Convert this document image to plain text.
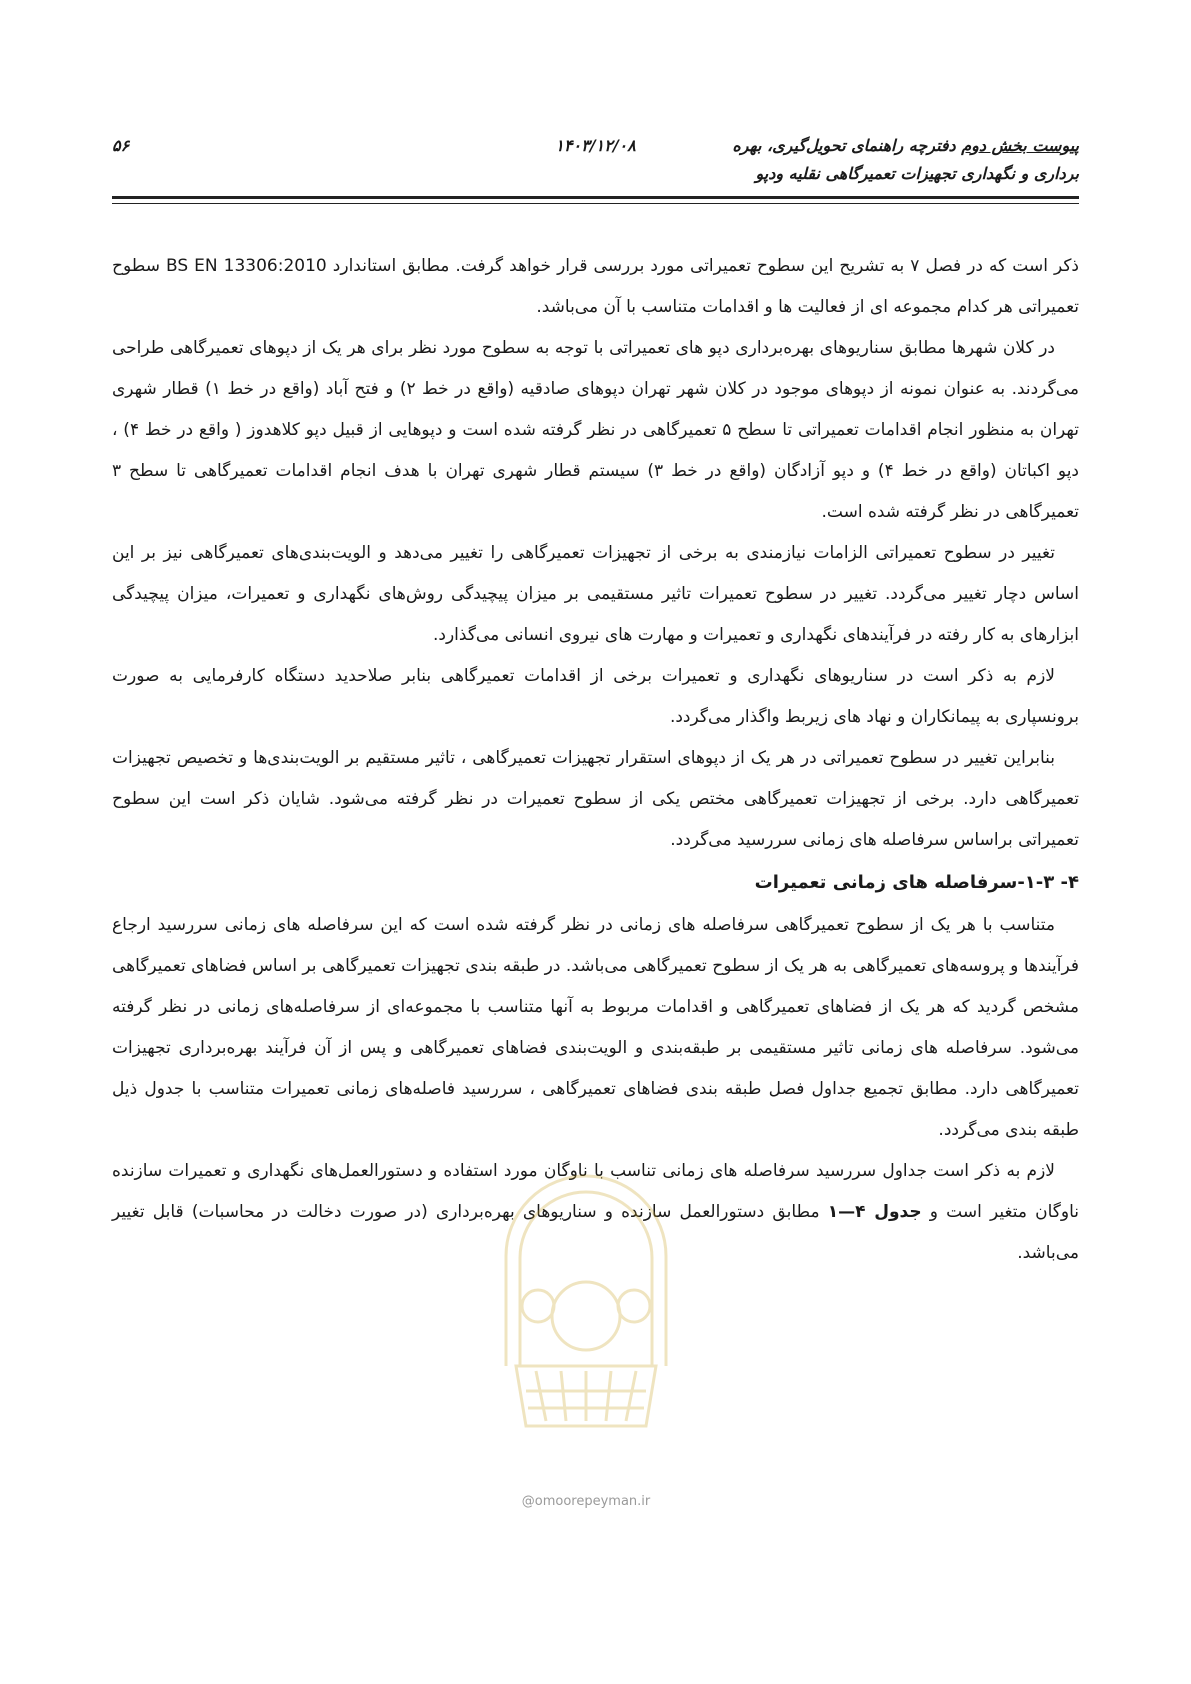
پیوست بخش دوم دفترچه راهنمای تحویل‌گیری، بهره
برداری و نگهداری تجهیزات تعمیرگاهی نقلیه ودپو
۱۴۰۳/۱۲/۰۸
۵۶

ذکر است که در فصل ۷ به تشریح این سطوح تعمیراتی مورد بررسی قرار خواهد گرفت. مطابق استاندارد BS EN 13306:2010 سطوح تعمیراتی هر کدام مجموعه ای از فعالیت ها و اقدامات متناسب با آن می‌باشد.

در کلان شهرها مطابق سناریوهای بهره‌برداری دپو های تعمیراتی با توجه به سطوح مورد نظر برای هر یک از دپوهای تعمیرگاهی طراحی می‌گردند. به عنوان نمونه از دپوهای موجود در کلان شهر تهران دپوهای صادقیه (واقع در خط ۲) و فتح آباد (واقع در خط ۱) قطار شهری تهران به منظور انجام اقدامات تعمیراتی تا سطح ۵ تعمیرگاهی در نظر گرفته شده است و دپوهایی از قبیل دپو کلاهدوز ( واقع در خط ۴) ، دپو اکباتان (واقع در خط ۴) و دپو آزادگان (واقع در خط ۳) سیستم قطار شهری تهران با هدف انجام اقدامات تعمیرگاهی تا سطح ۳ تعمیرگاهی در نظر گرفته شده است.

تغییر در سطوح تعمیراتی الزامات نیازمندی به برخی از تجهیزات تعمیرگاهی را تغییر می‌دهد و الویت‌بندی‌های تعمیرگاهی نیز بر این اساس دچار تغییر می‌گردد. تغییر در سطوح تعمیرات تاثیر مستقیمی بر میزان پیچیدگی روش‌های نگهداری و تعمیرات، میزان پیچیدگی ابزارهای به کار رفته در فرآیندهای نگهداری و تعمیرات و مهارت های نیروی انسانی می‌گذارد.

لازم به ذکر است در سناریوهای نگهداری و تعمیرات برخی از اقدامات تعمیرگاهی بنابر صلاحدید دستگاه کارفرمایی به صورت برونسپاری به پیمانکاران و نهاد های زیربط واگذار می‌گردد.

بنابراین تغییر در سطوح تعمیراتی در هر یک از دپوهای استقرار تجهیزات تعمیرگاهی ، تاثیر مستقیم بر الویت‌بندی‌ها و تخصیص تجهیزات تعمیرگاهی دارد. برخی از تجهیزات تعمیرگاهی مختص یکی از سطوح تعمیرات در نظر گرفته می‌شود. شایان ذکر است این سطوح تعمیراتی براساس سرفاصله های زمانی سررسید می‌گردد.

۴- ۱-۳-سرفاصله های زمانی تعمیرات

متناسب با هر یک از سطوح تعمیرگاهی سرفاصله های زمانی در نظر گرفته شده است که این سرفاصله های زمانی سررسید ارجاع فرآیندها و پروسه‌های تعمیرگاهی به هر یک از سطوح تعمیرگاهی می‌باشد. در طبقه بندی تجهیزات تعمیرگاهی بر اساس فضاهای تعمیرگاهی مشخص گردید که هر یک از فضاهای تعمیرگاهی و اقدامات مربوط به آنها متناسب با مجموعه‌ای از سرفاصله‌های زمانی در نظر گرفته می‌شود. سرفاصله های زمانی تاثیر مستقیمی بر طبقه‌بندی و الویت‌بندی فضاهای تعمیرگاهی و پس از آن فرآیند بهره‌برداری تجهیزات تعمیرگاهی دارد. مطابق تجمیع جداول فصل طبقه بندی فضاهای تعمیرگاهی ، سررسید فاصله‌های زمانی تعمیرات متناسب با جدول ذیل طبقه بندی می‌گردد.

لازم به ذکر است جداول سررسید سرفاصله های زمانی تناسب با ناوگان مورد استفاده و دستورالعمل‌های نگهداری و تعمیرات سازنده ناوگان متغیر است و جدول ۴—۱ مطابق دستورالعمل سازنده و سناریوهای بهره‌برداری (در صورت دخالت در محاسبات) قابل تغییر می‌باشد.

@omoorepeyman.ir
